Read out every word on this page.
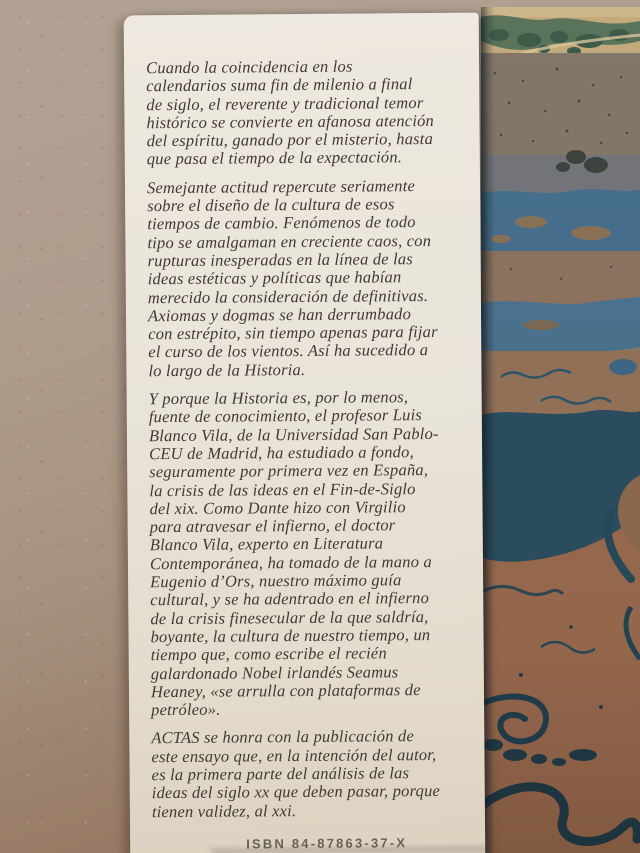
Cuando la coincidencia en los
calendarios suma fin de milenio a final
de siglo, el reverente y tradicional temor
histórico se convierte en afanosa atención
del espíritu, ganado por el misterio, hasta
que pasa el tiempo de la expectación.

Semejante actitud repercute seriamente
sobre el diseño de la cultura de esos
tiempos de cambio. Fenómenos de todo
tipo se amalgaman en creciente caos, con
rupturas inesperadas en la línea de las
ideas estéticas y políticas que habían
merecido la consideración de definitivas.
Axiomas y dogmas se han derrumbado
con estrépito, sin tiempo apenas para fijar
el curso de los vientos. Así ha sucedido a
lo largo de la Historia.

Y porque la Historia es, por lo menos,
fuente de conocimiento, el profesor Luis
Blanco Vila, de la Universidad San Pablo-
CEU de Madrid, ha estudiado a fondo,
seguramente por primera vez en España,
la crisis de las ideas en el Fin-de-Siglo
del xix. Como Dante hizo con Virgilio
para atravesar el infierno, el doctor
Blanco Vila, experto en Literatura
Contemporánea, ha tomado de la mano a
Eugenio d’Ors, nuestro máximo guía
cultural, y se ha adentrado en el infierno
de la crisis finesecular de la que saldría,
boyante, la cultura de nuestro tiempo, un
tiempo que, como escribe el recién
galardonado Nobel irlandés Seamus
Heaney, «se arrulla con plataformas de
petróleo».

ACTAS se honra con la publicación de
este ensayo que, en la intención del autor,
es la primera parte del análisis de las
ideas del siglo xx que deben pasar, porque
tienen validez, al xxi.

ISBN 84-87863-37-X
